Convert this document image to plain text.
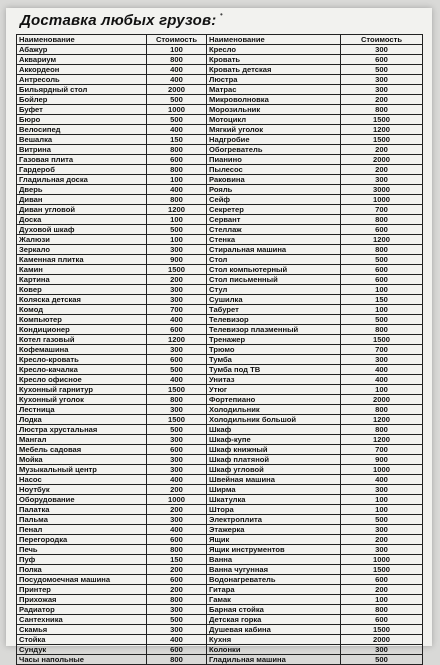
Доставка любых грузов: •
Наименование	Стоимость	Наименование	Стоимость
Абажур	100	Кресло	300
Аквариум	800	Кровать	600
Аккордеон	400	Кровать детская	500
Антресоль	400	Люстра	300
Бильярдный стол	2000	Матрас	300
Бойлер	500	Микроволновка	200
Буфет	1000	Морозильник	800
Бюро	500	Мотоцикл	1500
Велосипед	400	Мягкий уголок	1200
Вешалка	150	Надгробие	1500
Витрина	800	Обогреватель	200
Газовая плита	600	Пианино	2000
Гардероб	800	Пылесос	200
Гладильная доска	100	Раковина	300
Дверь	400	Рояль	3000
Диван	800	Сейф	1000
Диван угловой	1200	Секретер	700
Доска	100	Сервант	800
Духовой шкаф	500	Стеллаж	600
Жалюзи	100	Стенка	1200
Зеркало	300	Стиральная машина	800
Каменная плитка	900	Стол	500
Камин	1500	Стол компьютерный	600
Картина	200	Стол письменный	600
Ковер	300	Стул	100
Коляска детская	300	Сушилка	150
Комод	700	Табурет	100
Компьютер	400	Телевизор	500
Кондиционер	600	Телевизор плазменный	800
Котел газовый	1200	Тренажер	1500
Кофемашина	300	Трюмо	700
Кресло-кровать	600	Тумба	300
Кресло-качалка	500	Тумба под ТВ	400
Кресло офисное	400	Унитаз	400
Кухонный гарнитур	1500	Утюг	100
Кухонный уголок	800	Фортепиано	2000
Лестница	300	Холодильник	800
Лодка	1500	Холодильник большой	1200
Люстра хрустальная	500	Шкаф	800
Мангал	300	Шкаф-купе	1200
Мебель садовая	600	Шкаф книжный	700
Мойка	300	Шкаф платяной	900
Музыкальный центр	300	Шкаф угловой	1000
Насос	400	Швейная машина	400
Ноутбук	200	Ширма	300
Оборудование	1000	Шкатулка	100
Палатка	200	Штора	100
Пальма	300	Электроплита	500
Пенал	400	Этажерка	300
Перегородка	600	Ящик	200
Печь	800	Ящик инструментов	300
Пуф	150	Ванна	1000
Полка	200	Ванна чугунная	1500
Посудомоечная машина	600	Водонагреватель	600
Принтер	200	Гитара	200
Прихожая	800	Гамак	100
Радиатор	300	Барная стойка	800
Сантехника	500	Детская горка	600
Скамья	300	Душевая кабина	1500
Стойка	400	Кухня	2000
Сундук	600	Колонки	300
Часы напольные	800	Гладильная машина	500
